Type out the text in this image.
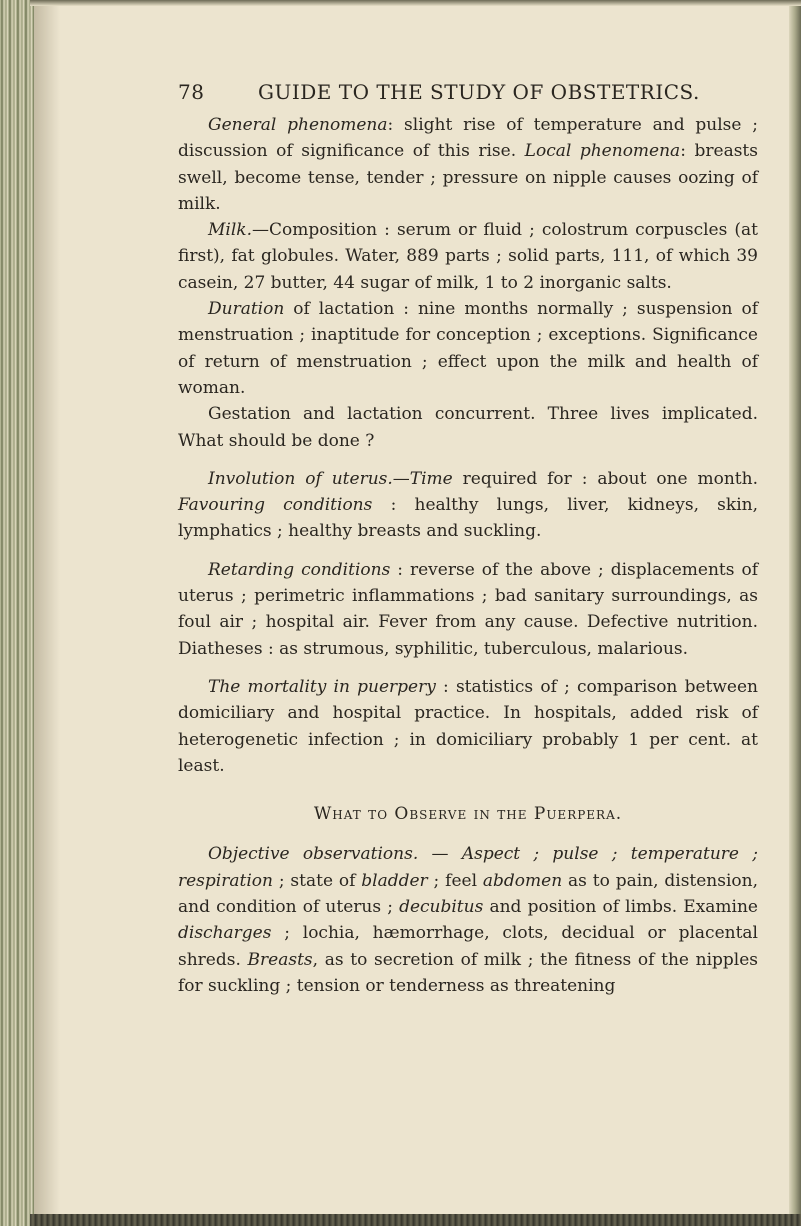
78	GUIDE TO THE STUDY OF OBSTETRICS.

General phenomena: slight rise of temperature and pulse ; discussion of significance of this rise. Local phenomena: breasts swell, become tense, tender ; pressure on nipple causes oozing of milk.

Milk.—Composition : serum or fluid ; colostrum corpuscles (at first), fat globules. Water, 889 parts ; solid parts, 111, of which 39 casein, 27 butter, 44 sugar of milk, 1 to 2 inorganic salts.

Duration of lactation : nine months normally ; suspension of menstruation ; inaptitude for conception ; exceptions. Significance of return of menstruation ; effect upon the milk and health of woman.

Gestation and lactation concurrent. Three lives implicated. What should be done ?

Involution of uterus.—Time required for : about one month. Favouring conditions : healthy lungs, liver, kidneys, skin, lymphatics ; healthy breasts and suckling.

Retarding conditions : reverse of the above ; displacements of uterus ; perimetric inflammations ; bad sanitary surroundings, as foul air ; hospital air. Fever from any cause. Defective nutrition. Diatheses : as strumous, syphilitic, tuberculous, malarious.

The mortality in puerpery : statistics of ; comparison between domiciliary and hospital practice. In hospitals, added risk of heterogenetic infection ; in domiciliary probably 1 per cent. at least.

What to Observe in the Puerpera.

Objective observations. — Aspect ; pulse ; temperature ; respiration ; state of bladder ; feel abdomen as to pain, distension, and condition of uterus ; decubitus and position of limbs. Examine discharges ; lochia, hæmorrhage, clots, decidual or placental shreds. Breasts, as to secretion of milk ; the fitness of the nipples for suckling ; tension or tenderness as threatening
